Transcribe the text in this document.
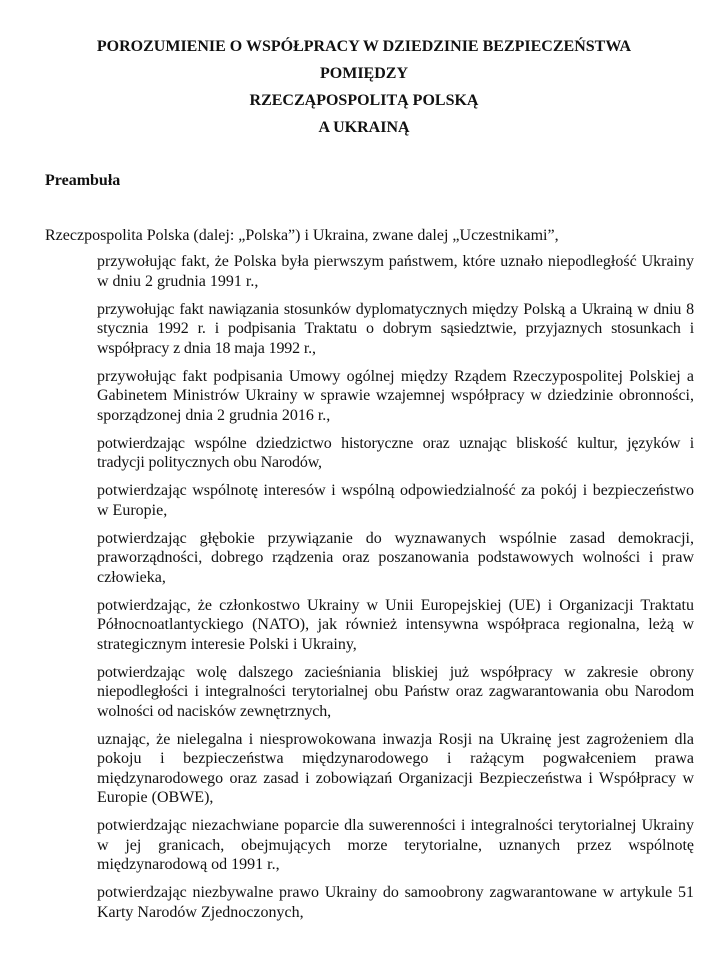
POROZUMIENIE O WSPÓŁPRACY W DZIEDZINIE BEZPIECZEŃSTWA
POMIĘDZY
RZECZĄPOSPOLITĄ POLSKĄ
A UKRAINĄ
Preambuła
Rzeczpospolita Polska (dalej: „Polska”) i Ukraina, zwane dalej „Uczestnikami”,

przywołując fakt, że Polska była pierwszym państwem, które uznało niepodległość Ukrainy w dniu 2 grudnia 1991 r.,

przywołując fakt nawiązania stosunków dyplomatycznych między Polską a Ukrainą w dniu 8 stycznia 1992 r. i podpisania Traktatu o dobrym sąsiedztwie, przyjaznych stosunkach i współpracy z dnia 18 maja 1992 r.,

przywołując fakt podpisania Umowy ogólnej między Rządem Rzeczypospolitej Polskiej a Gabinetem Ministrów Ukrainy w sprawie wzajemnej współpracy w dziedzinie obronności, sporządzonej dnia 2 grudnia 2016 r.,

potwierdzając wspólne dziedzictwo historyczne oraz uznając bliskość kultur, języków i tradycji politycznych obu Narodów,

potwierdzając wspólnotę interesów i wspólną odpowiedzialność za pokój i bezpieczeństwo w Europie,

potwierdzając głębokie przywiązanie do wyznawanych wspólnie zasad demokracji, praworządności, dobrego rządzenia oraz poszanowania podstawowych wolności i praw człowieka,

potwierdzając, że członkostwo Ukrainy w Unii Europejskiej (UE) i Organizacji Traktatu Północnoatlantyckiego (NATO), jak również intensywna współpraca regionalna, leżą w strategicznym interesie Polski i Ukrainy,

potwierdzając wolę dalszego zacieśniania bliskiej już współpracy w zakresie obrony niepodległości i integralności terytorialnej obu Państw oraz zagwarantowania obu Narodom wolności od nacisków zewnętrznych,

uznając, że nielegalna i niesprowokowana inwazja Rosji na Ukrainę jest zagrożeniem dla pokoju i bezpieczeństwa międzynarodowego i rażącym pogwałceniem prawa międzynarodowego oraz zasad i zobowiązań Organizacji Bezpieczeństwa i Współpracy w Europie (OBWE),

potwierdzając niezachwiane poparcie dla suwerenności i integralności terytorialnej Ukrainy w jej granicach, obejmujących morze terytorialne, uznanych przez wspólnotę międzynarodową od 1991 r.,

potwierdzając niezbywalne prawo Ukrainy do samoobrony zagwarantowane w artykule 51 Karty Narodów Zjednoczonych,
